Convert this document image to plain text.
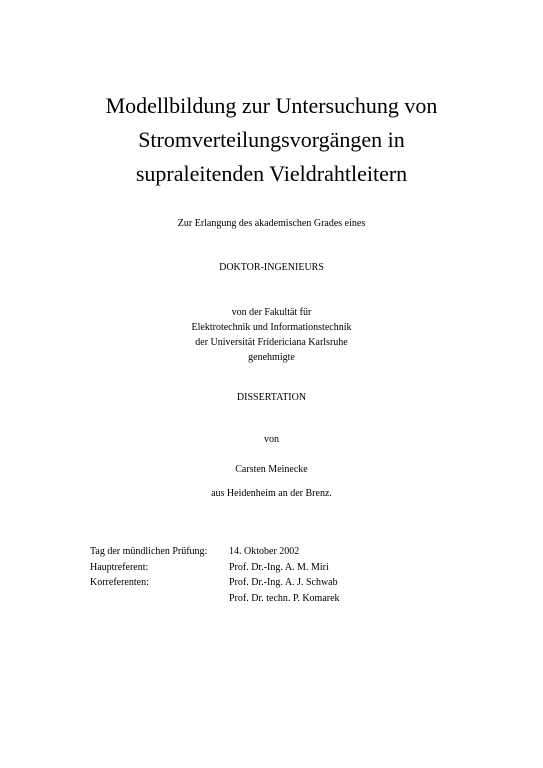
Modellbildung zur Untersuchung von
Stromverteilungsvorgängen in
supraleitenden Vieldrahtleitern
Zur Erlangung des akademischen Grades eines
DOKTOR-INGENIEURS
von der Fakultät für
Elektrotechnik und Informationstechnik
der Universität Fridericiana Karlsruhe
genehmigte
DISSERTATION
von
Carsten Meinecke
aus Heidenheim an der Brenz.
Tag der mündlichen Prüfung: 14. Oktober 2002
Hauptreferent:	Prof. Dr.-Ing. A. M. Miri
Korreferenten:	Prof. Dr.-Ing. A. J. Schwab
Prof. Dr. techn. P. Komarek
